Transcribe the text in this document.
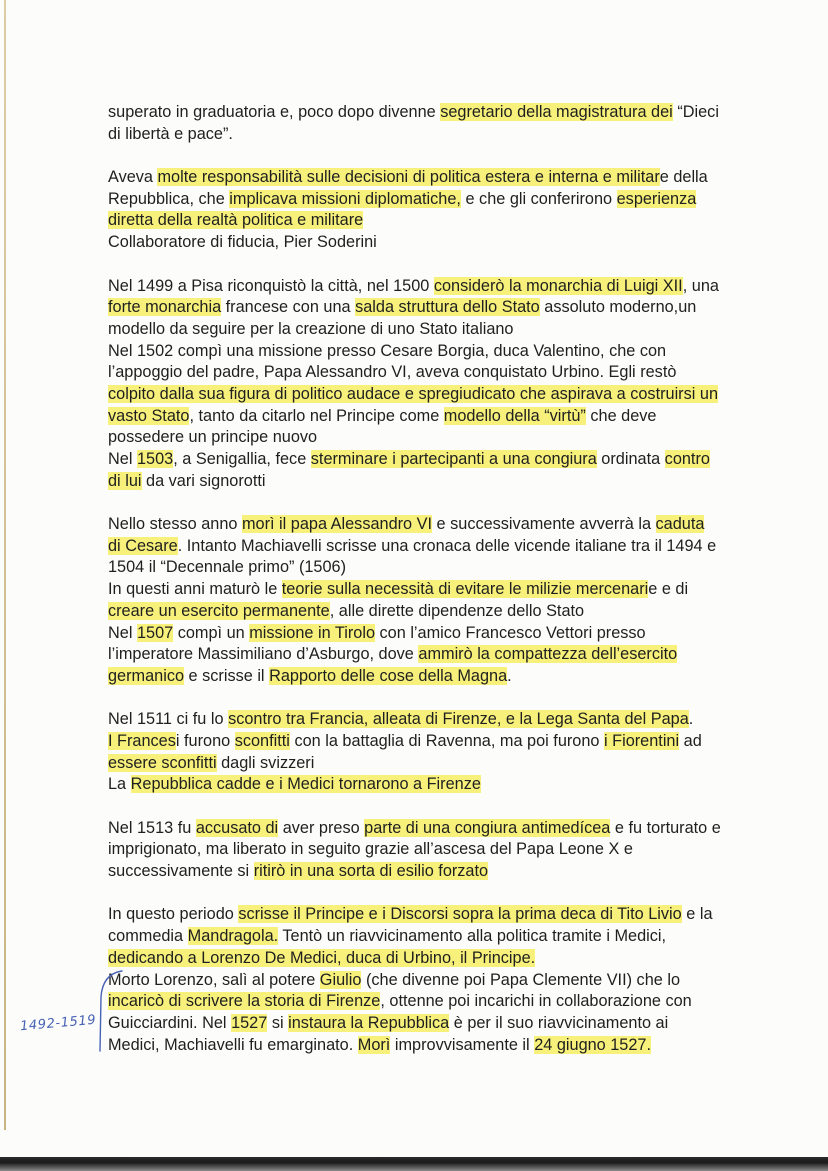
superato in graduatoria e, poco dopo divenne segretario della magistratura dei “Dieci
di libertà e pace”.
Aveva molte responsabilità sulle decisioni di politica estera e interna e militare della
Repubblica, che implicava missioni diplomatiche, e che gli conferirono esperienza
diretta della realtà politica e militare
Collaboratore di fiducia, Pier Soderini
Nel 1499 a Pisa riconquistò la città, nel 1500 considerò la monarchia di Luigi XII, una
forte monarchia francese con una salda struttura dello Stato assoluto moderno,un
modello da seguire per la creazione di uno Stato italiano
Nel 1502 compì una missione presso Cesare Borgia, duca Valentino, che con
l’appoggio del padre, Papa Alessandro VI, aveva conquistato Urbino. Egli restò
colpito dalla sua figura di politico audace e spregiudicato che aspirava a costruirsi un
vasto Stato, tanto da citarlo nel Principe come modello della “virtù” che deve
possedere un principe nuovo
Nel 1503, a Senigallia, fece sterminare i partecipanti a una congiura ordinata contro
di lui da vari signorotti
Nello stesso anno morì il papa Alessandro VI e successivamente avverrà la caduta
di Cesare. Intanto Machiavelli scrisse una cronaca delle vicende italiane tra il 1494 e
1504 il “Decennale primo” (1506)
In questi anni maturò le teorie sulla necessità di evitare le milizie mercenarie e di
creare un esercito permanente, alle dirette dipendenze dello Stato
Nel 1507 compì un missione in Tirolo con l’amico Francesco Vettori presso
l’imperatore Massimiliano d’Asburgo, dove ammirò la compattezza dell’esercito
germanico e scrisse il Rapporto delle cose della Magna.
Nel 1511 ci fu lo scontro tra Francia, alleata di Firenze, e la Lega Santa del Papa.
I Francesi furono sconfitti con la battaglia di Ravenna, ma poi furono i Fiorentini ad
essere sconfitti dagli svizzeri
La Repubblica cadde e i Medici tornarono a Firenze
Nel 1513 fu accusato di aver preso parte di una congiura antimedícea e fu torturato e
imprigionato, ma liberato in seguito grazie all’ascesa del Papa Leone X e
successivamente si ritirò in una sorta di esilio forzato
In questo periodo scrisse il Principe e i Discorsi sopra la prima deca di Tito Livio e la
commedia Mandragola. Tentò un riavvicinamento alla politica tramite i Medici,
dedicando a Lorenzo De Medici, duca di Urbino, il Principe.
Morto Lorenzo, salì al potere Giulio (che divenne poi Papa Clemente VII) che lo
incaricò di scrivere la storia di Firenze, ottenne poi incarichi in collaborazione con
Guicciardini. Nel 1527 si instaura la Repubblica è per il suo riavvicinamento ai
Medici, Machiavelli fu emarginato. Morì improvvisamente il 24 giugno 1527.
1492-1519
